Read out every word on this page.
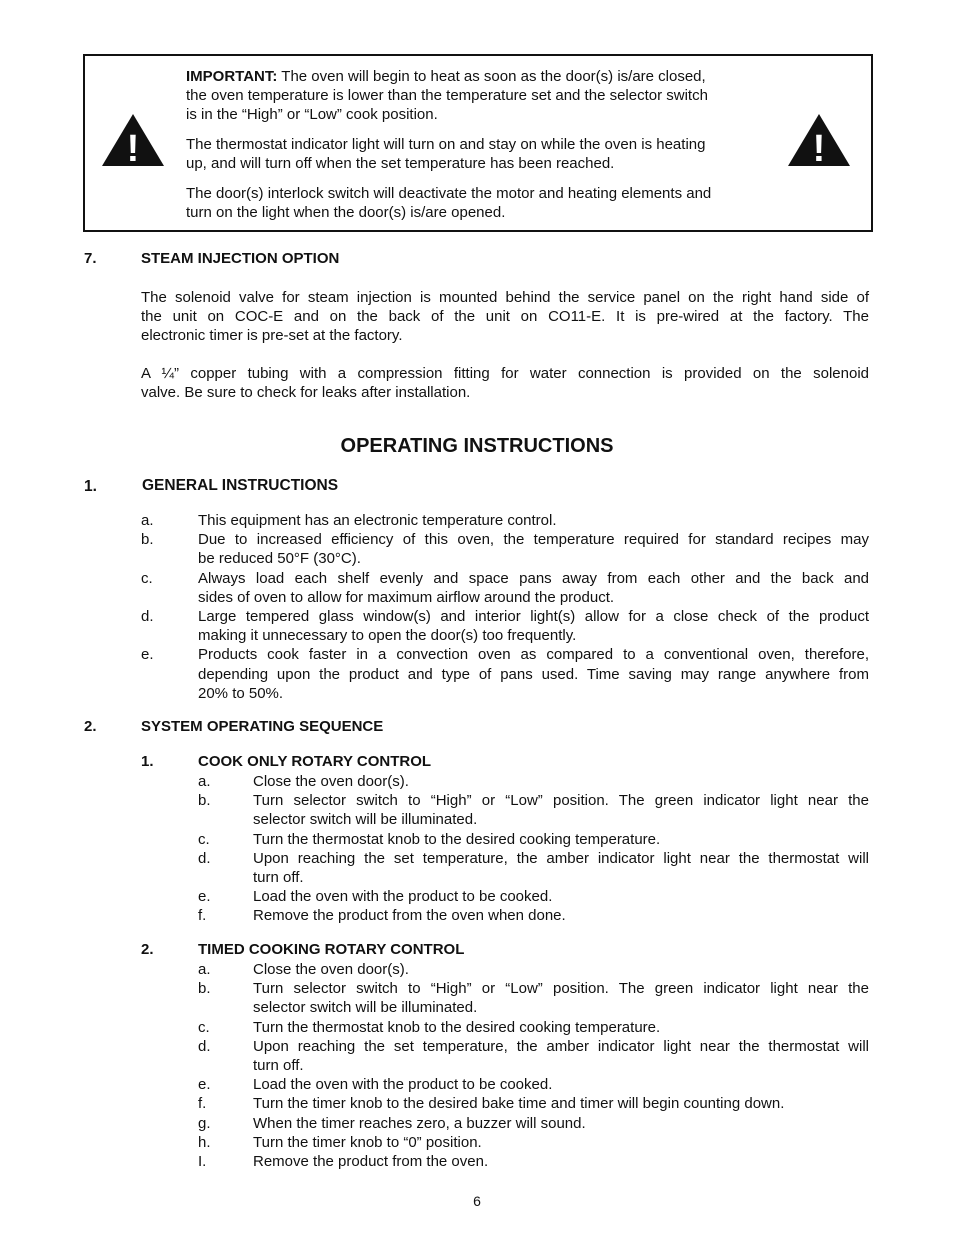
!	!
IMPORTANT: The oven will begin to heat as soon as the door(s) is/are closed,
the oven temperature is lower than the temperature set and the selector switch
is in the “High” or “Low” cook position.
The thermostat indicator light will turn on and stay on while the oven is heating
up, and will turn off when the set temperature has been reached.
The door(s) interlock switch will deactivate the motor and heating elements and
turn on the light when the door(s) is/are opened.
7.	STEAM INJECTION OPTION
The solenoid valve for steam injection is mounted behind the service panel on the right hand side of
the unit on COC-E and on the back of the unit on CO11-E. It is pre-wired at the factory. The
electronic timer is pre-set at the factory.
A ¼” copper tubing with a compression fitting for water connection is provided on the solenoid
valve. Be sure to check for leaks after installation.
OPERATING INSTRUCTIONS
1.	GENERAL INSTRUCTIONS
a.	This equipment has an electronic temperature control.
b.	Due to increased efficiency of this oven, the temperature required for standard recipes may
be reduced 50°F (30°C).
c.	Always load each shelf evenly and space pans away from each other and the back and
sides of oven to allow for maximum airflow around the product.
d.	Large tempered glass window(s) and interior light(s) allow for a close check of the product
making it unnecessary to open the door(s) too frequently.
e.	Products cook faster in a convection oven as compared to a conventional oven, therefore,
depending upon the product and type of pans used. Time saving may range anywhere from
20% to 50%.
2.	SYSTEM OPERATING SEQUENCE
1.	COOK ONLY ROTARY CONTROL
a.	Close the oven door(s).
b.	Turn selector switch to “High” or “Low” position. The green indicator light near the
selector switch will be illuminated.
c.	Turn the thermostat knob to the desired cooking temperature.
d.	Upon reaching the set temperature, the amber indicator light near the thermostat will
turn off.
e.	Load the oven with the product to be cooked.
f.	Remove the product from the oven when done.
2.	TIMED COOKING ROTARY CONTROL
a.	Close the oven door(s).
b.	Turn selector switch to “High” or “Low” position. The green indicator light near the
selector switch will be illuminated.
c.	Turn the thermostat knob to the desired cooking temperature.
d.	Upon reaching the set temperature, the amber indicator light near the thermostat will
turn off.
e.	Load the oven with the product to be cooked.
f.	Turn the timer knob to the desired bake time and timer will begin counting down.
g.	When the timer reaches zero, a buzzer will sound.
h.	Turn the timer knob to “0” position.
I.	Remove the product from the oven.
6
